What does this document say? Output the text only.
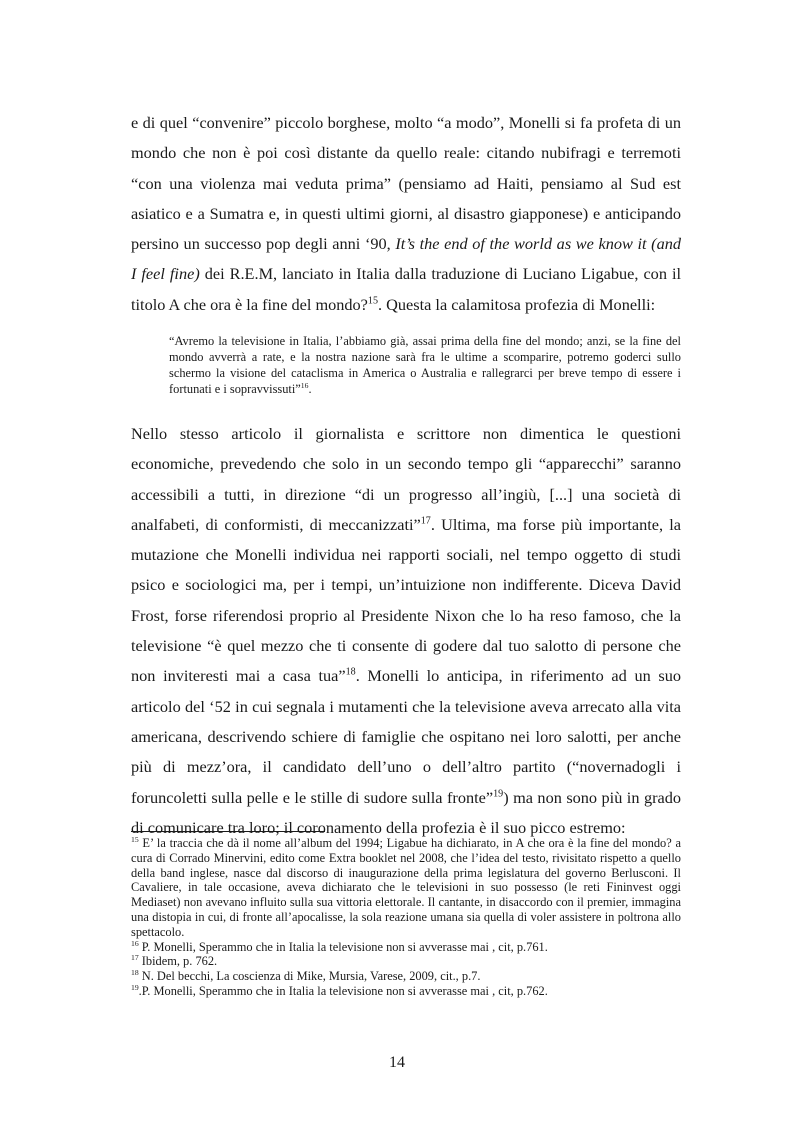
e di quel “convenire” piccolo borghese, molto “a modo”, Monelli si fa profeta di un mondo che non è poi così distante da quello reale: citando nubifragi e terremoti “con una violenza mai veduta prima” (pensiamo ad Haiti, pensiamo al Sud est asiatico e a Sumatra e, in questi ultimi giorni, al disastro giapponese) e anticipando persino un successo pop degli anni ‘90, It’s the end of the world as we know it (and I feel fine) dei R.E.M, lanciato in Italia dalla traduzione di Luciano Ligabue, con il titolo A che ora è la fine del mondo?$^{15}$. Questa la calamitosa profezia di Monelli:

“Avremo la televisione in Italia, l’abbiamo già, assai prima della fine del mondo; anzi, se la fine del mondo avverrà a rate, e la nostra nazione sarà fra le ultime a scomparire, potremo goderci sullo schermo la visione del cataclisma in America o Australia e rallegrarci per breve tempo di essere i fortunati e i sopravvissuti”$^{16}$.

Nello stesso articolo il giornalista e scrittore non dimentica le questioni economiche, prevedendo che solo in un secondo tempo gli “apparecchi” saranno accessibili a tutti, in direzione “di un progresso all’ingiù, [...] una società di analfabeti, di conformisti, di meccanizzati”$^{17}$. Ultima, ma forse più importante, la mutazione che Monelli individua nei rapporti sociali, nel tempo oggetto di studi psico e sociologici ma, per i tempi, un’intuizione non indifferente. Diceva David Frost, forse riferendosi proprio al Presidente Nixon che lo ha reso famoso, che la televisione “è quel mezzo che ti consente di godere dal tuo salotto di persone che non inviteresti mai a casa tua”$^{18}$. Monelli lo anticipa, in riferimento ad un suo articolo del ‘52 in cui segnala i mutamenti che la televisione aveva arrecato alla vita americana, descrivendo schiere di famiglie che ospitano nei loro salotti, per anche più di mezz’ora, il candidato dell’uno o dell’altro partito (“novernadogli i foruncoletti sulla pelle e le stille di sudore sulla fronte”$^{19}$) ma non sono più in grado di comunicare tra loro; il coronamento della profezia è il suo picco estremo:

$^{15}$ E’ la traccia che dà il nome all’album del 1994; Ligabue ha dichiarato, in A che ora è la fine del mondo? a cura di Corrado Minervini, edito come Extra booklet nel 2008, che l’idea del testo, rivisitato rispetto a quello della band inglese, nasce dal discorso di inaugurazione della prima legislatura del governo Berlusconi. Il Cavaliere, in tale occasione, aveva dichiarato che le televisioni in suo possesso (le reti Fininvest oggi Mediaset) non avevano influito sulla sua vittoria elettorale. Il cantante, in disaccordo con il premier, immagina una distopia in cui, di fronte all’apocalisse, la sola reazione umana sia quella di voler assistere in poltrona allo spettacolo.

$^{16}$ P. Monelli, Sperammo che in Italia la televisione non si avverasse mai , cit, p.761.

$^{17}$ Ibidem, p. 762.

$^{18}$ N. Del becchi, La coscienza di Mike, Mursia, Varese, 2009, cit., p.7.

$^{19}$.P. Monelli, Sperammo che in Italia la televisione non si avverasse mai , cit, p.762.

14
